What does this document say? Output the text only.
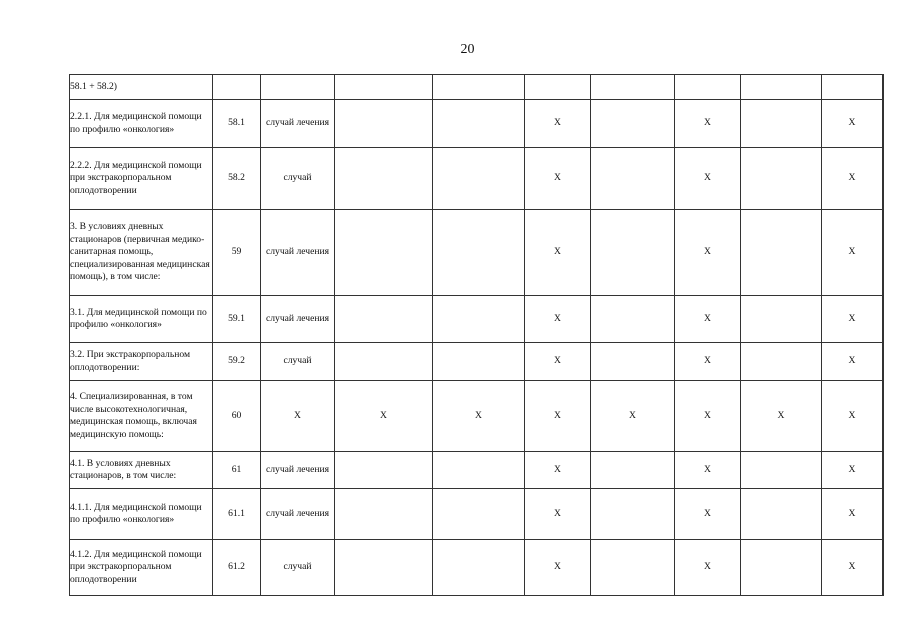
20
58.1 + 58.2)										
2.2.1. Для медицинской помощи по профилю «онкология»	58.1	случай лечения			X		X		X	
2.2.2. Для медицинской помощи при экстракорпоральном оплодотворении	58.2	случай			X		X		X	
3. В условиях дневных стационаров (первичная медико-санитарная помощь, специализированная медицинская помощь), в том числе:	59	случай лечения			X		X		X	
3.1. Для медицинской помощи по профилю «онкология»	59.1	случай лечения			X		X		X	
3.2. При экстракорпоральном оплодотворении:	59.2	случай			X		X		X	
4. Специализированная, в том числе высокотехнологичная, медицинская помощь, включая медицинскую помощь:	60	X	X	X	X	X	X	X	X	
4.1. В условиях дневных стационаров, в том числе:	61	случай лечения			X		X		X	
4.1.1. Для медицинской помощи по профилю «онкология»	61.1	случай лечения			X		X		X	
4.1.2. Для медицинской помощи при экстракорпоральном оплодотворении	61.2	случай			X		X		X	
